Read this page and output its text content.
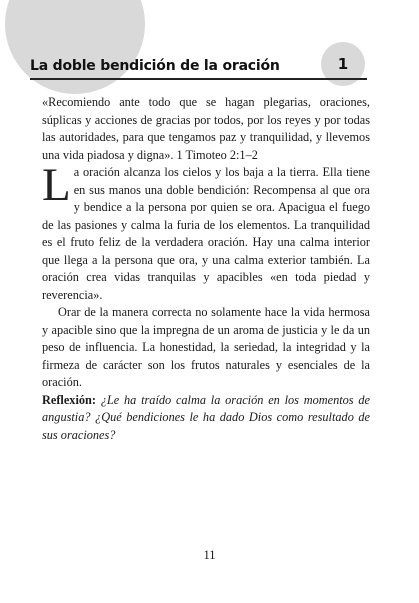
La doble bendición de la oración	1

«Recomiendo ante todo que se hagan plegarias, oraciones, súplicas y acciones de gracias por todos, por los reyes y por todas las autoridades, para que tengamos paz y tranquilidad, y llevemos una vida piadosa y digna». 1 Timoteo 2:1–2

La oración alcanza los cielos y los baja a la tierra. Ella tiene en sus manos una doble bendición: Recompensa al que ora y bendice a la persona por quien se ora. Apacigua el fuego de las pasiones y calma la furia de los elementos. La tranquilidad es el fruto feliz de la verdadera oración. Hay una calma interior que llega a la persona que ora, y una calma exterior también. La oración crea vidas tranquilas y apacibles «en toda piedad y reverencia».

Orar de la manera correcta no solamente hace la vida hermosa y apacible sino que la impregna de un aroma de justicia y le da un peso de influencia. La honestidad, la seriedad, la integridad y la firmeza de carácter son los frutos naturales y esenciales de la oración.

Reflexión: ¿Le ha traído calma la oración en los momentos de angustia? ¿Qué bendiciones le ha dado Dios como resultado de sus oraciones?

11
